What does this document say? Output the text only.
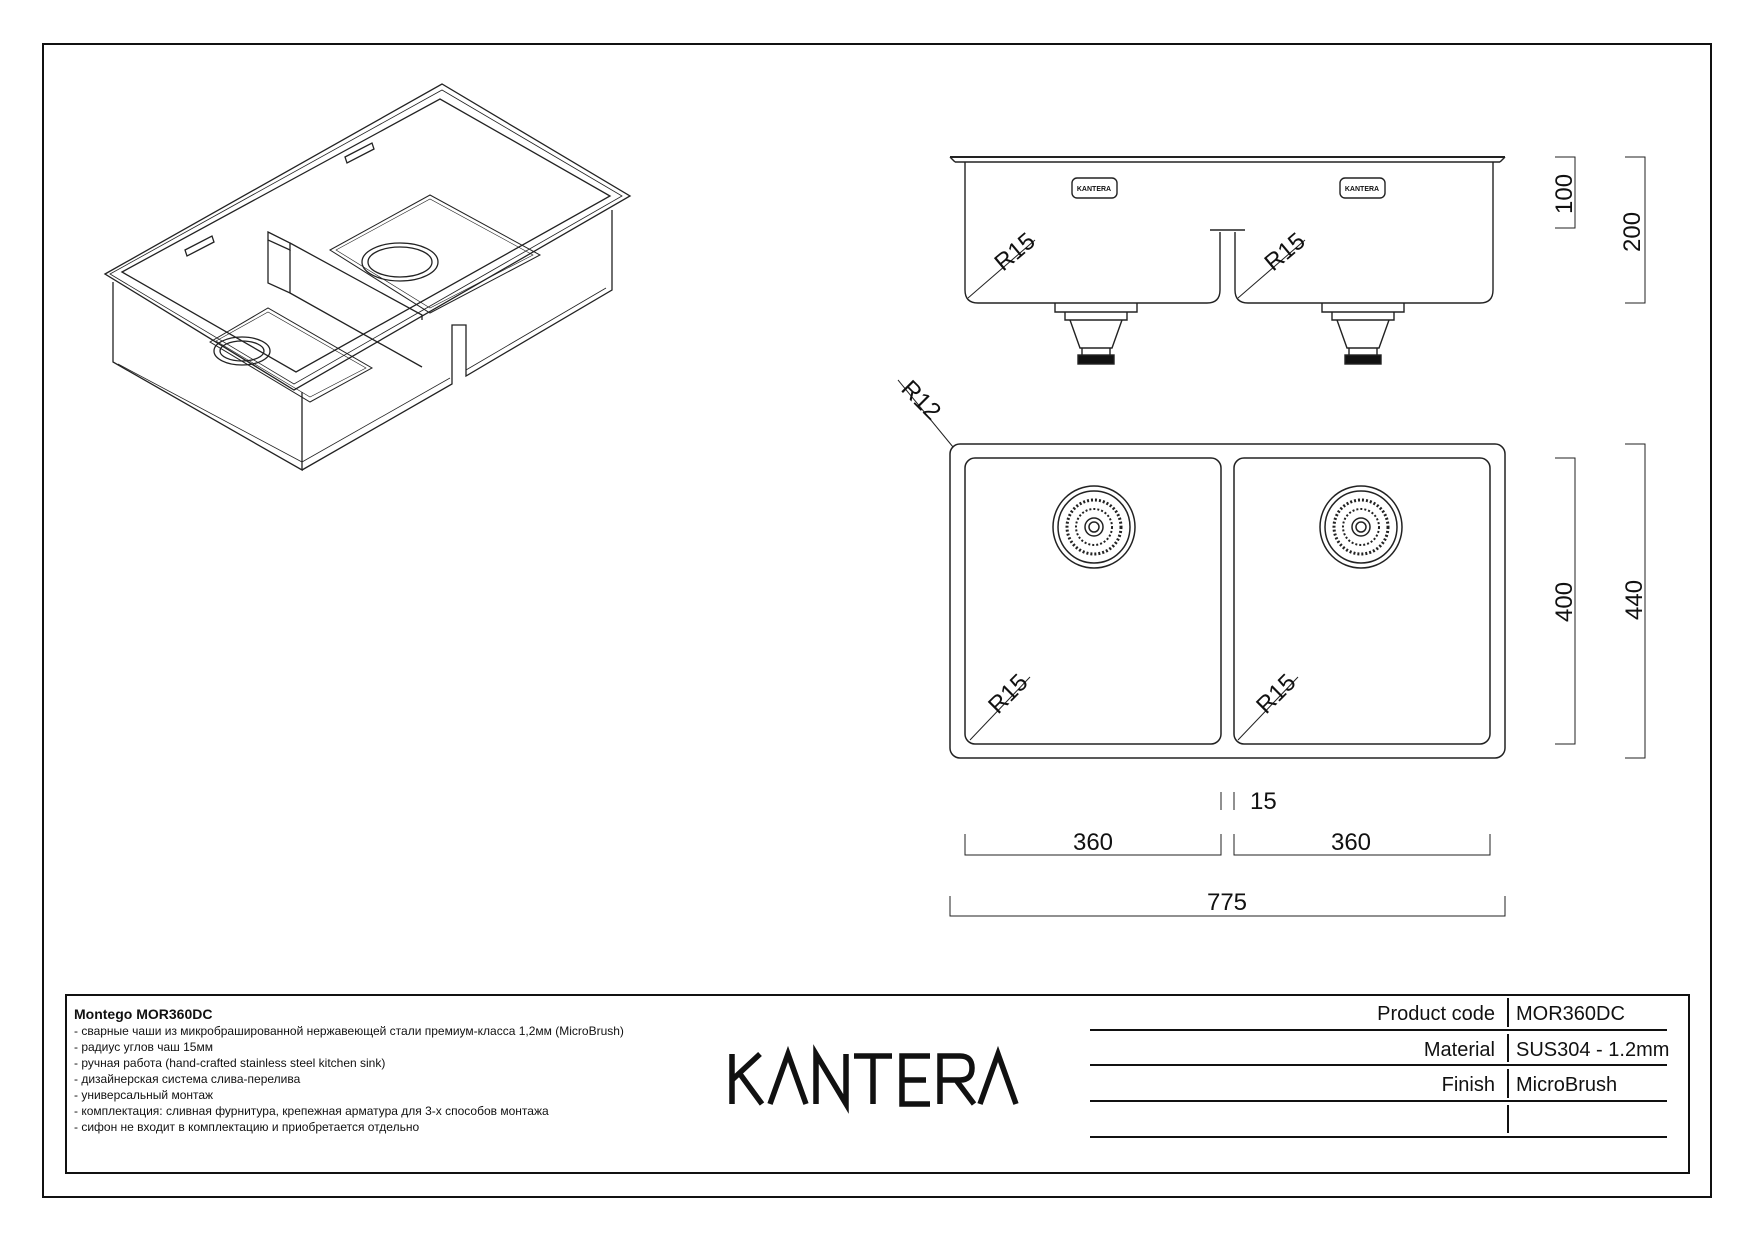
KANTERA	KANTERA
R15	R15
100
200
R12
R15	R15
400 440
15
360	360
775
Montego MOR360DC
- сварные чаши из микробрашированной нержавеющей стали премиум-класса 1,2мм (MicroBrush)
- радиус углов чаш 15мм
- ручная работа (hand-crafted stainless steel kitchen sink)
- дизайнерская система слива-перелива
- универсальный монтаж
- комплектация: сливная фурнитура, крепежная арматура для 3-х способов монтажа
- сифон не входит в комплектацию и приобретается отдельно
Product code MOR360DC
Material SUS304 - 1.2mm
Finish MicroBrush
